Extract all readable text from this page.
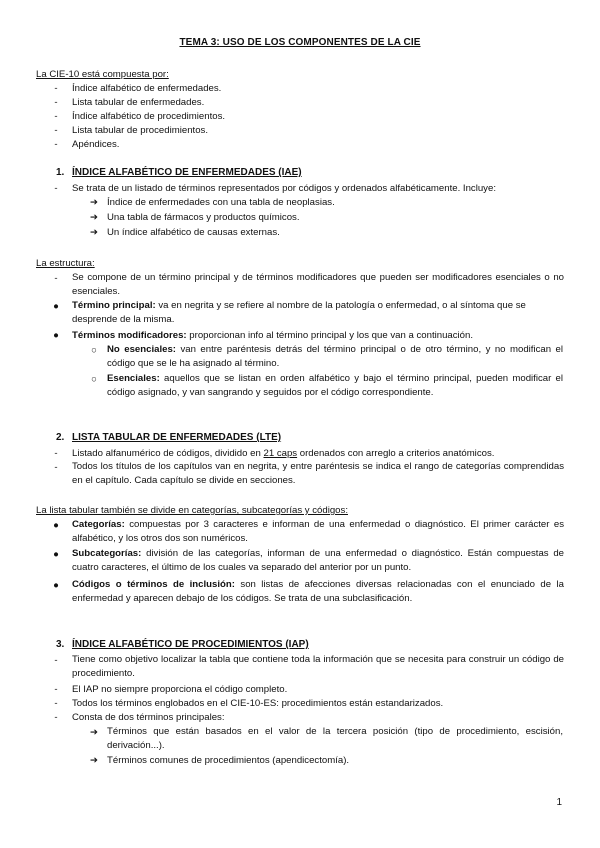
TEMA 3: USO DE LOS COMPONENTES DE LA CIE
La CIE-10 está compuesta por:
-	Índice alfabético de enfermedades.
-	Lista tabular de enfermedades.
-	Índice alfabético de procedimientos.
-	Lista tabular de procedimientos.
-	Apéndices.
1. ÍNDICE ALFABÉTICO DE ENFERMEDADES (IAE)
-	Se trata de un listado de términos representados por códigos y ordenados alfabéticamente. Incluye:
➔ Índice de enfermedades con una tabla de neoplasias.
➔ Una tabla de fármacos y productos químicos.
➔ Un índice alfabético de causas externas.
La estructura:
-	Se compone de un término principal y de términos modificadores que pueden ser modificadores esenciales o no esenciales.
●	Término principal: va en negrita y se refiere al nombre de la patología o enfermedad, o al síntoma que se desprende de la misma.
●	Términos modificadores: proporcionan info al término principal y los que van a continuación.
○	No esenciales: van entre paréntesis detrás del término principal o de otro término, y no modifican el código que se le ha asignado al término.
○	Esenciales: aquellos que se listan en orden alfabético y bajo el término principal, pueden modificar el código asignado, y van sangrando y seguidos por el código correspondiente.
2. LISTA TABULAR DE ENFERMEDADES (LTE)
-	Listado alfanumérico de códigos, dividido en 21 caps ordenados con arreglo a criterios anatómicos.
-	Todos los títulos de los capítulos van en negrita, y entre paréntesis se indica el rango de categorías comprendidas en el capítulo. Cada capítulo se divide en secciones.
La lista tabular también se divide en categorías, subcategorías y códigos:
●	Categorías: compuestas por 3 caracteres e informan de una enfermedad o diagnóstico. El primer carácter es alfabético, y los otros dos son numéricos.
●	Subcategorías: división de las categorías, informan de una enfermedad o diagnóstico. Están compuestas de cuatro caracteres, el último de los cuales va separado del anterior por un punto.
●	Códigos o términos de inclusión: son listas de afecciones diversas relacionadas con el enunciado de la enfermedad y aparecen debajo de los códigos. Se trata de una subclasificación.
3. ÍNDICE ALFABÉTICO DE PROCEDIMIENTOS (IAP)
-	Tiene como objetivo localizar la tabla que contiene toda la información que se necesita para construir un código de procedimiento.
-	El IAP no siempre proporciona el código completo.
-	Todos los términos englobados en el CIE-10-ES: procedimientos están estandarizados.
-	Consta de dos términos principales:
➔ Términos que están basados en el valor de la tercera posición (tipo de procedimiento, escisión, derivación...).
➔ Términos comunes de procedimientos (apendicectomía).
1
